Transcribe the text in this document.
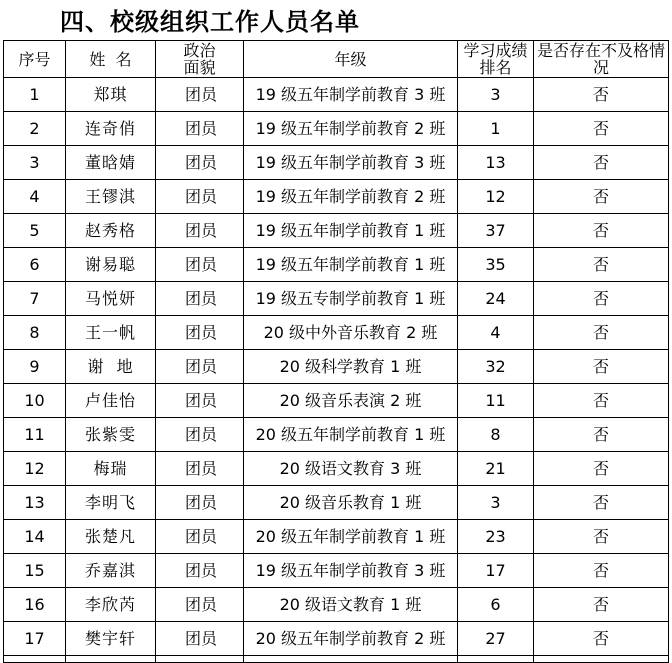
四、校级组织工作人员名单
序号	姓  名	政治面貌	年级	学习成绩排名	是否存在不及格情况
1	郑琪	团员	19 级五年制学前教育 3 班	3	否
2	连奇俏	团员	19 级五年制学前教育 2 班	1	否
3	董晗婧	团员	19 级五年制学前教育 3 班	13	否
4	王镠淇	团员	19 级五年制学前教育 2 班	12	否
5	赵秀格	团员	19 级五年制学前教育 1 班	37	否
6	谢易聪	团员	19 级五年制学前教育 1 班	35	否
7	马悦妍	团员	19 级五专制学前教育 1 班	24	否
8	王一帆	团员	20 级中外音乐教育 2 班	4	否
9	谢  地	团员	20 级科学教育 1 班	32	否
10	卢佳怡	团员	20 级音乐表演 2 班	11	否
11	张紫雯	团员	20 级五年制学前教育 1 班	8	否
12	梅瑞	团员	20 级语文教育 3 班	21	否
13	李明飞	团员	20 级音乐教育 1 班	3	否
14	张楚凡	团员	20 级五年制学前教育 1 班	23	否
15	乔嘉淇	团员	19 级五年制学前教育 3 班	17	否
16	李欣芮	团员	20 级语文教育 1 班	6	否
17	樊宇轩	团员	20 级五年制学前教育 2 班	27	否
